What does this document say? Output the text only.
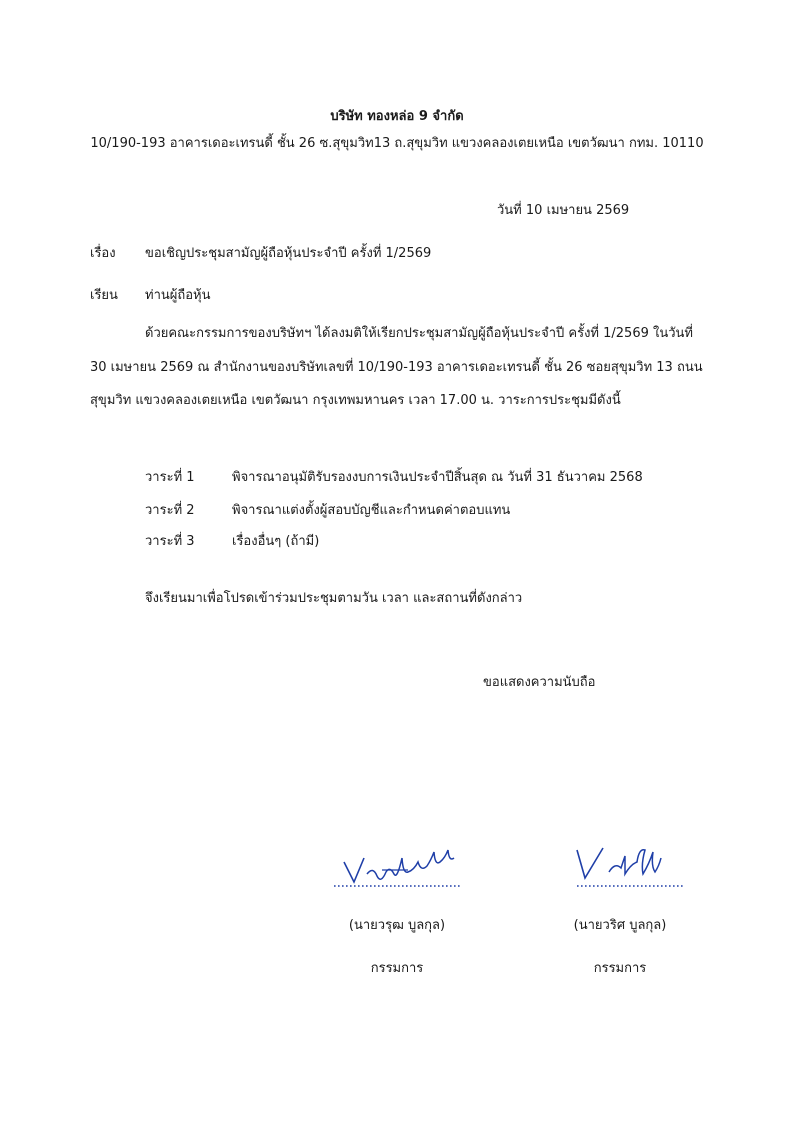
บริษัท ทองหล่อ 9 จำกัด
10/190-193 อาคารเดอะเทรนดี้ ชั้น 26 ซ.สุขุมวิท13 ถ.สุขุมวิท แขวงคลองเตยเหนือ เขตวัฒนา กทม. 10110
วันที่ 10 เมษายน 2569
เรื่อง ขอเชิญประชุมสามัญผู้ถือหุ้นประจำปี ครั้งที่ 1/2569
เรียน ท่านผู้ถือหุ้น
ด้วยคณะกรรมการของบริษัทฯ ได้ลงมติให้เรียกประชุมสามัญผู้ถือหุ้นประจำปี ครั้งที่ 1/2569 ในวันที่
30 เมษายน 2569 ณ สำนักงานของบริษัทเลขที่ 10/190-193 อาคารเดอะเทรนดี้ ชั้น 26 ซอยสุขุมวิท 13 ถนน
สุขุมวิท แขวงคลองเตยเหนือ เขตวัฒนา กรุงเทพมหานคร เวลา 17.00 น. วาระการประชุมมีดังนี้
วาระที่ 1	พิจารณาอนุมัติรับรองงบการเงินประจำปีสิ้นสุด ณ วันที่ 31 ธันวาคม 2568
วาระที่ 2	พิจารณาแต่งตั้งผู้สอบบัญชีและกำหนดค่าตอบแทน
วาระที่ 3	เรื่องอื่นๆ (ถ้ามี)
จึงเรียนมาเพื่อโปรดเข้าร่วมประชุมตามวัน เวลา และสถานที่ดังกล่าว
ขอแสดงความนับถือ
(นายวรุฒ บูลกุล)
กรรมการ
(นายวริศ บูลกุล)
กรรมการ
